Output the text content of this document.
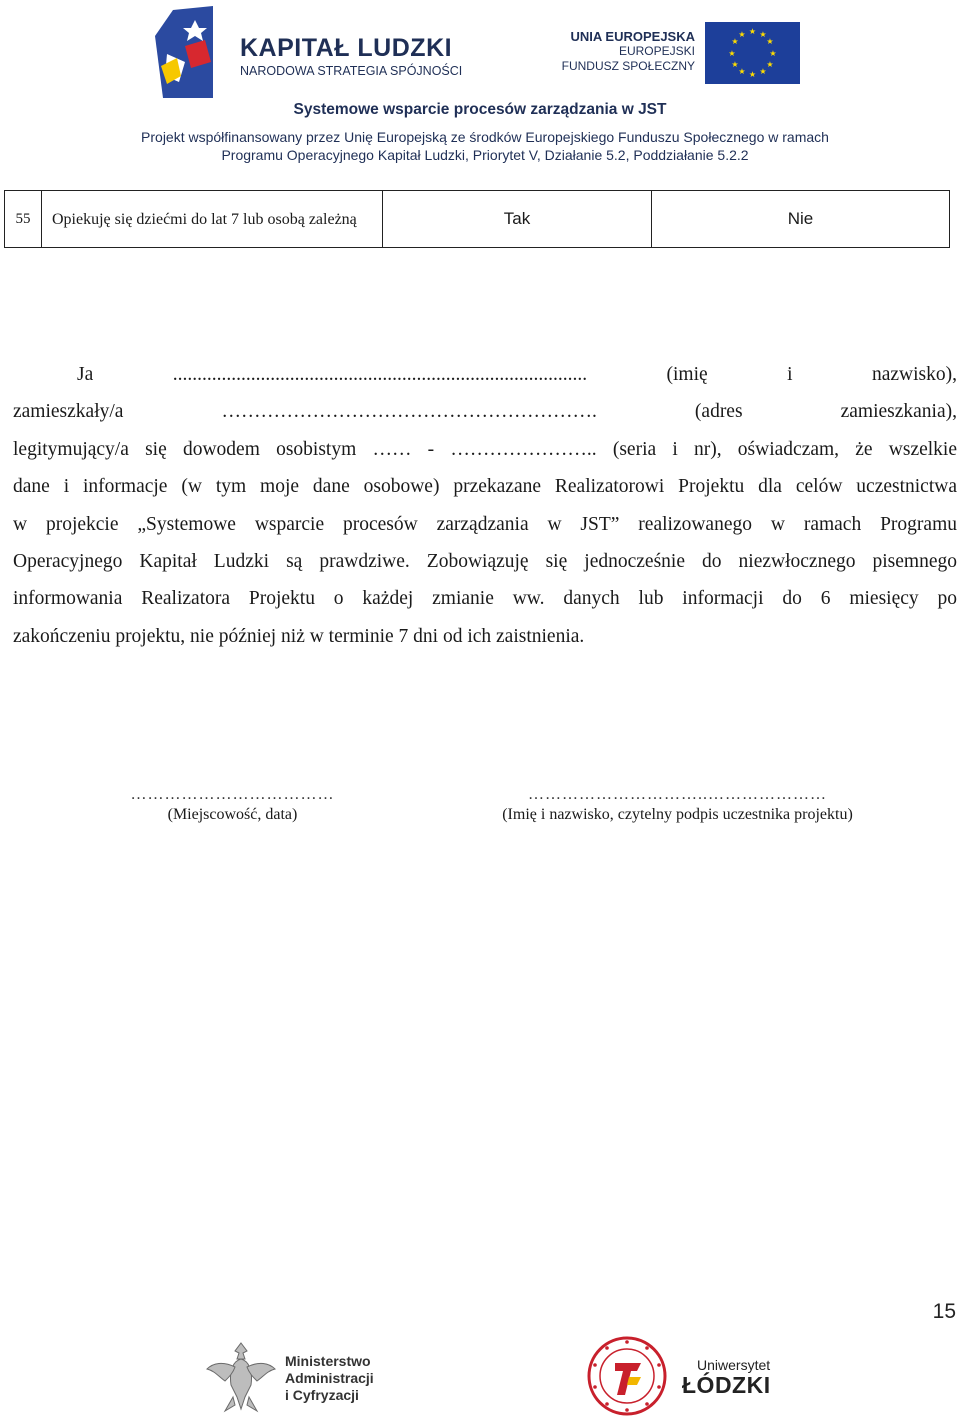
KAPITAŁ LUDZKI
NARODOWA STRATEGIA SPÓJNOŚCI
UNIA EUROPEJSKA
EUROPEJSKI
FUNDUSZ SPOŁECZNY
★ ★
★
★
★
★
★
★
★
★
★
★
Systemowe wsparcie procesów zarządzania w JST
Projekt współfinansowany przez Unię Europejską ze środków Europejskiego Funduszu Społecznego w ramach
Programu Operacyjnego Kapitał Ludzki, Priorytet V, Działanie 5.2, Poddziałanie 5.2.2
55	Opiekuję się dziećmi do lat 7 lub osobą zależną	Tak	Nie
Ja ..................................................................................... (imię i nazwisko),
zamieszkały/a …………………………………………………. (adres zamieszkania),
legitymujący/a się dowodem osobistym …… - ………………….. (seria i nr), oświadczam, że wszelkie
dane i informacje (w tym moje dane osobowe) przekazane Realizatorowi Projektu dla celów uczestnictwa
w projekcie „Systemowe wsparcie procesów zarządzania w JST” realizowanego w ramach Programu
Operacyjnego Kapitał Ludzki są prawdziwe. Zobowiązuję się jednocześnie do niezwłocznego pisemnego
informowania Realizatora Projektu o każdej zmianie ww. danych lub informacji do 6 miesięcy po
zakończeniu projektu, nie później niż w terminie 7 dni od ich zaistnienia.
………………………………
(Miejscowość, data)
…………………………..…………………
(Imię i nazwisko, czytelny podpis uczestnika projektu)
15
Ministerstwo
Administracji
i Cyfryzacji
Uniwersytet
ŁÓDZKI
